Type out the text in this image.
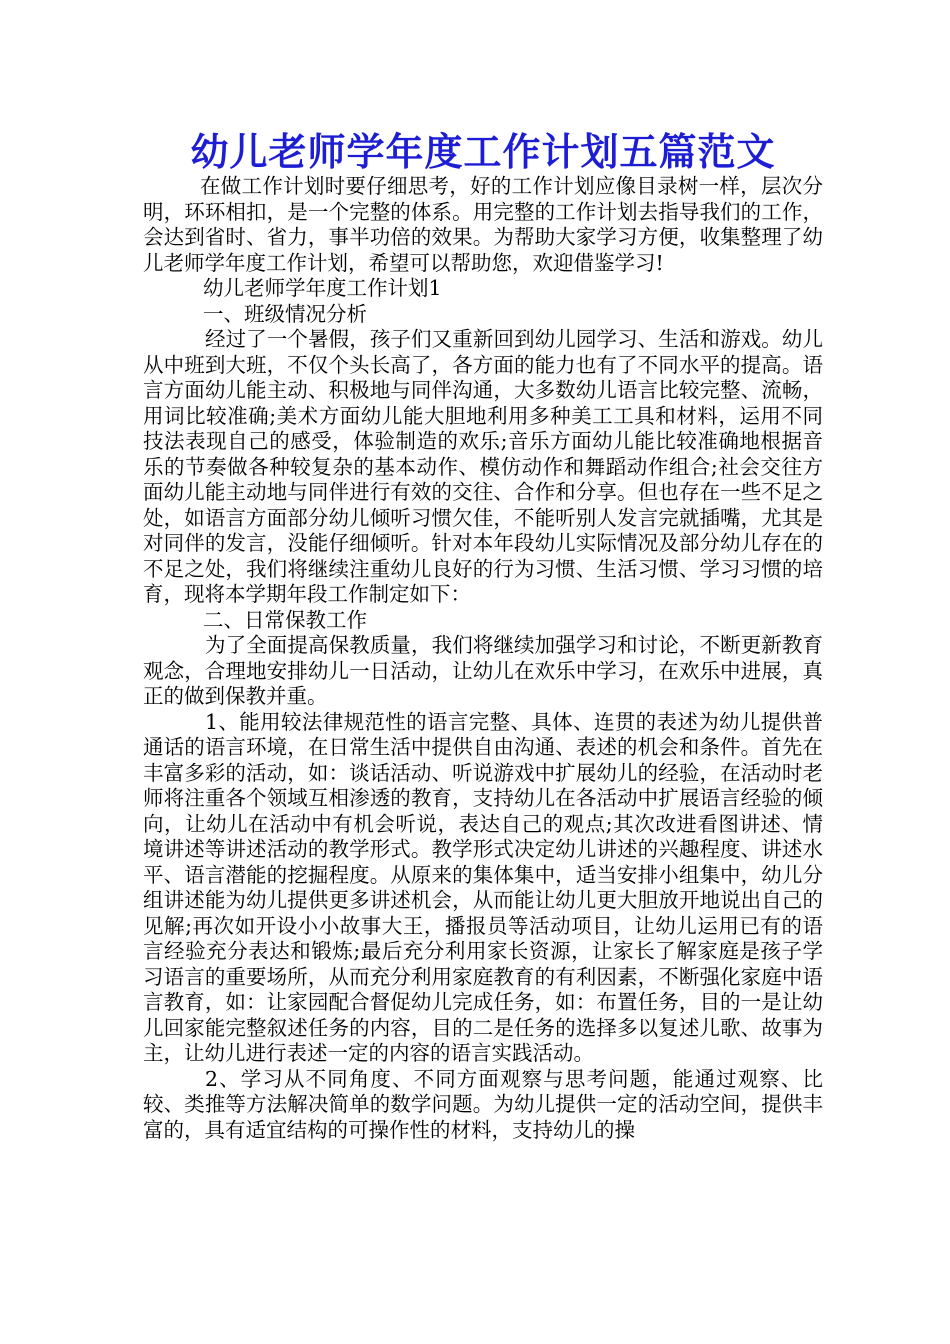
幼儿老师学年度工作计划五篇范文

在做工作计划时要仔细思考，好的工作计划应像目录树一样，层次分明，环环相扣，是一个完整的体系。用完整的工作计划去指导我们的工作，会达到省时、省力，事半功倍的效果。为帮助大家学习方便，收集整理了幼儿老师学年度工作计划，希望可以帮助您，欢迎借鉴学习!

幼儿老师学年度工作计划1

一、班级情况分析

经过了一个暑假，孩子们又重新回到幼儿园学习、生活和游戏。幼儿从中班到大班，不仅个头长高了，各方面的能力也有了不同水平的提高。语言方面幼儿能主动、积极地与同伴沟通，大多数幼儿语言比较完整、流畅，用词比较准确;美术方面幼儿能大胆地利用多种美工工具和材料，运用不同技法表现自己的感受，体验制造的欢乐;音乐方面幼儿能比较准确地根据音乐的节奏做各种较复杂的基本动作、模仿动作和舞蹈动作组合;社会交往方面幼儿能主动地与同伴进行有效的交往、合作和分享。但也存在一些不足之处，如语言方面部分幼儿倾听习惯欠佳，不能听别人发言完就插嘴，尤其是对同伴的发言，没能仔细倾听。针对本年段幼儿实际情况及部分幼儿存在的不足之处，我们将继续注重幼儿良好的行为习惯、生活习惯、学习习惯的培育，现将本学期年段工作制定如下：

二、日常保教工作

为了全面提高保教质量，我们将继续加强学习和讨论，不断更新教育观念，合理地安排幼儿一日活动，让幼儿在欢乐中学习，在欢乐中进展，真正的做到保教并重。

1、能用较法律规范性的语言完整、具体、连贯的表述为幼儿提供普通话的语言环境，在日常生活中提供自由沟通、表述的机会和条件。首先在丰富多彩的活动，如：谈话活动、听说游戏中扩展幼儿的经验，在活动时老师将注重各个领域互相渗透的教育，支持幼儿在各活动中扩展语言经验的倾向，让幼儿在活动中有机会听说，表达自己的观点;其次改进看图讲述、情境讲述等讲述活动的教学形式。教学形式决定幼儿讲述的兴趣程度、讲述水平、语言潜能的挖掘程度。从原来的集体集中，适当安排小组集中，幼儿分组讲述能为幼儿提供更多讲述机会，从而能让幼儿更大胆放开地说出自己的见解;再次如开设小小故事大王，播报员等活动项目，让幼儿运用已有的语言经验充分表达和锻炼;最后充分利用家长资源，让家长了解家庭是孩子学习语言的重要场所，从而充分利用家庭教育的有利因素，不断强化家庭中语言教育，如：让家园配合督促幼儿完成任务，如：布置任务，目的一是让幼儿回家能完整叙述任务的内容，目的二是任务的选择多以复述儿歌、故事为主，让幼儿进行表述一定的内容的语言实践活动。

2、学习从不同角度、不同方面观察与思考问题，能通过观察、比较、类推等方法解决简单的数学问题。为幼儿提供一定的活动空间，提供丰富的，具有适宜结构的可操作性的材料，支持幼儿的操
